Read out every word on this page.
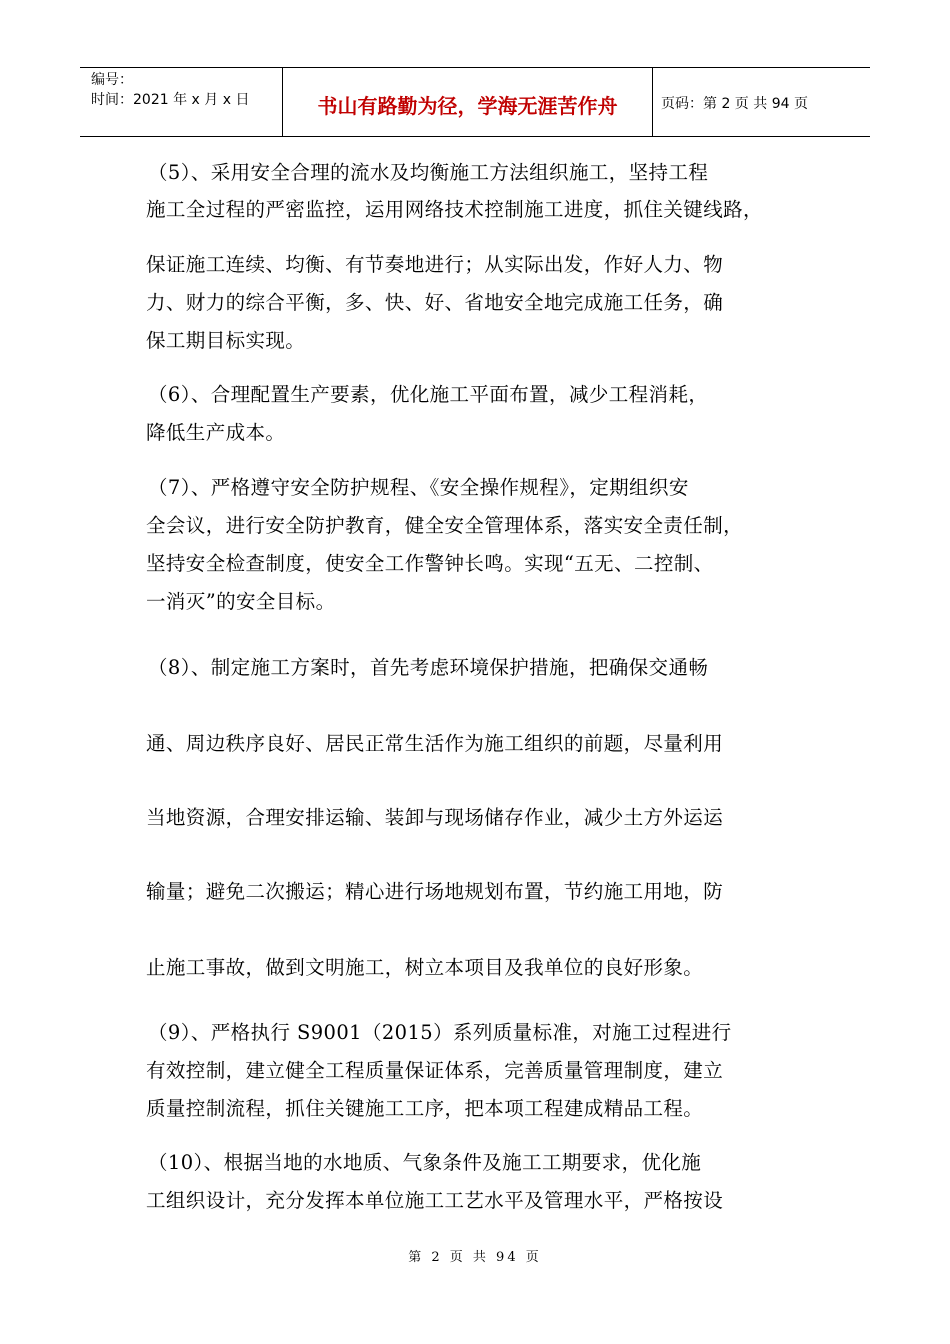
编号：
时间：2021 年 x 月 x 日	书山有路勤为径，学海无涯苦作舟	页码：第 2 页 共 94 页
（5）、采用安全合理的流水及均衡施工方法组织施工，坚持工程
施工全过程的严密监控，运用网络技术控制施工进度，抓住关键线路，
保证施工连续、均衡、有节奏地进行；从实际出发，作好人力、物
力、财力的综合平衡，多、快、好、省地安全地完成施工任务，确
保工期目标实现。
（6）、合理配置生产要素，优化施工平面布置，减少工程消耗，
降低生产成本。
（7）、严格遵守安全防护规程、《安全操作规程》，定期组织安
全会议，进行安全防护教育，健全安全管理体系，落实安全责任制，
坚持安全检查制度，使安全工作警钟长鸣。实现“五无、二控制、
一消灭”的安全目标。
（8）、制定施工方案时，首先考虑环境保护措施，把确保交通畅
通、周边秩序良好、居民正常生活作为施工组织的前题，尽量利用
当地资源，合理安排运输、装卸与现场储存作业，减少土方外运运
输量；避免二次搬运；精心进行场地规划布置，节约施工用地，防
止施工事故，做到文明施工，树立本项目及我单位的良好形象。
（9）、严格执行 S9001（2015）系列质量标准，对施工过程进行
有效控制，建立健全工程质量保证体系，完善质量管理制度，建立
质量控制流程，抓住关键施工工序，把本项工程建成精品工程。
（10）、根据当地的水地质、气象条件及施工工期要求，优化施
工组织设计，充分发挥本单位施工工艺水平及管理水平，严格按设
第 2 页 共 94 页
